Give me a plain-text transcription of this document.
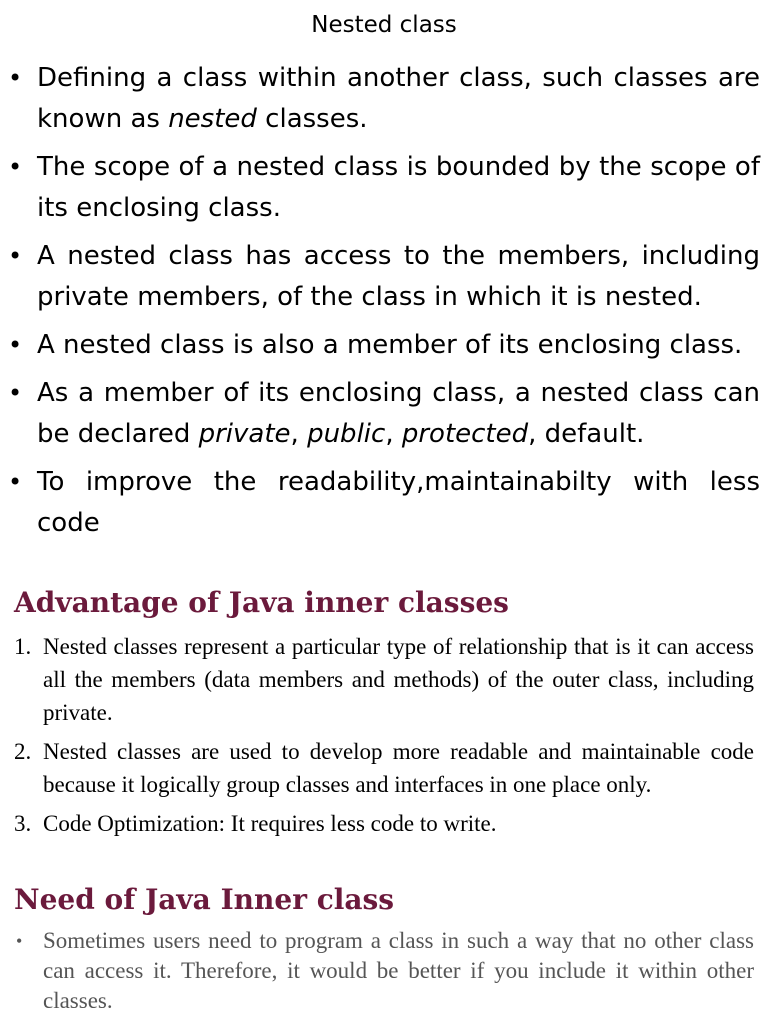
Nested class
• Defining a class within another class, such classes are known as nested classes.
• The scope of a nested class is bounded by the scope of its enclosing class.
• A nested class has access to the members, including private members, of the class in which it is nested.
• A nested class is also a member of its enclosing class.
• As a member of its enclosing class, a nested class can be declared private, public, protected, default.
• To improve the readability,maintainabilty with less code
Advantage of Java inner classes
1. Nested classes represent a particular type of relationship that is it can access all the members (data members and methods) of the outer class, including private.
2. Nested classes are used to develop more readable and maintainable code because it logically group classes and interfaces in one place only.
3. Code Optimization: It requires less code to write.
Need of Java Inner class
• Sometimes users need to program a class in such a way that no other class can access it. Therefore, it would be better if you include it within other classes.
